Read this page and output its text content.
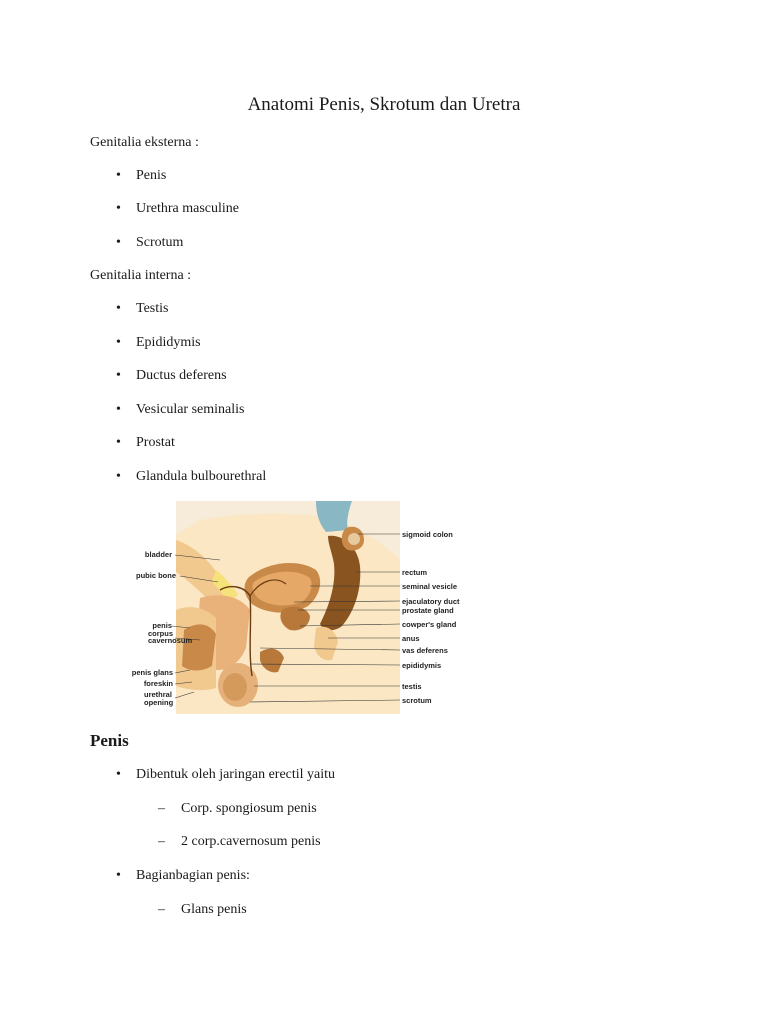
Anatomi Penis, Skrotum dan Uretra
Genitalia eksterna :
• Penis
• Urethra masculine
• Scrotum
Genitalia interna :
• Testis
• Epididymis
• Ductus deferens
• Vesicular seminalis
• Prostat
• Glandula bulbourethral
bladder
pubic bone
penis
corpus
cavernosum
penis glans
foreskin
urethral
opening
sigmoid colon
rectum
seminal vesicle
ejaculatory duct
prostate gland
cowper's gland
anus
vas deferens
epididymis
testis
scrotum
Penis
• Dibentuk oleh jaringan erectil yaitu
– Corp. spongiosum penis
– 2 corp.cavernosum penis
• Bagianbagian penis:
– Glans penis
